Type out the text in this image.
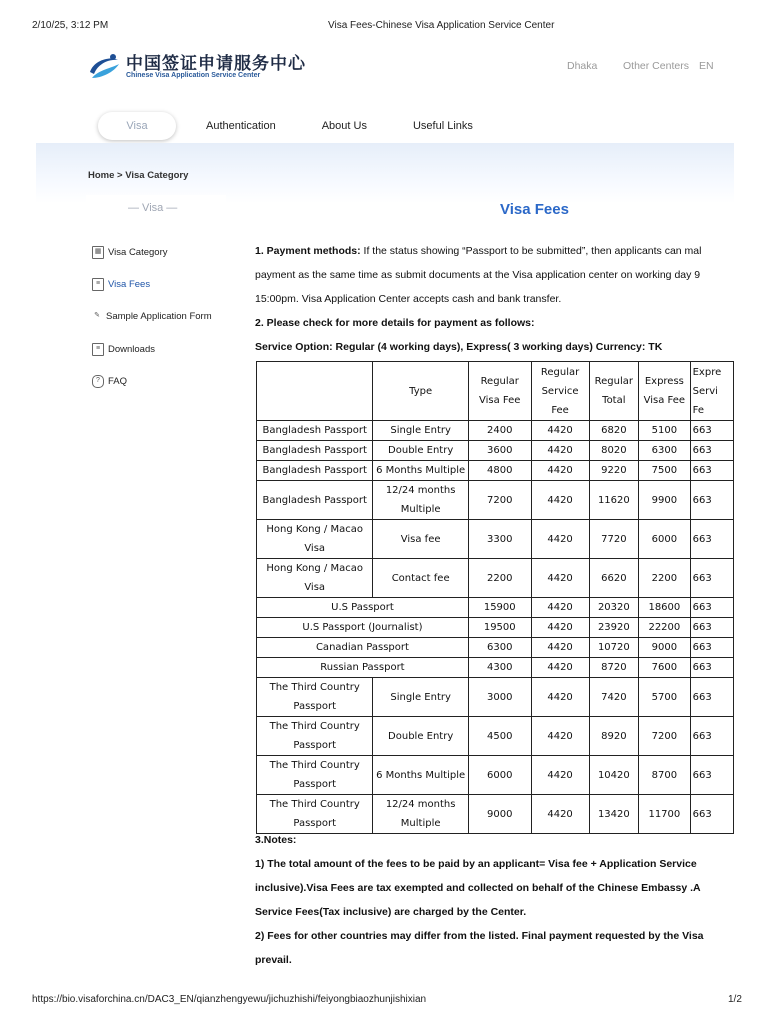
2/10/25, 3:12 PM	Visa Fees-Chinese Visa Application Service Center
中国签证申请服务中心
Chinese Visa Application Service Center
Dhaka Other Centers EN
Visa	Authentication	About Us	Useful Links
Home > Visa Category
— Visa —
▦ Visa Category
≡ Visa Fees
✎ Sample Application Form
≡ Downloads
? FAQ
Visa Fees
1. Payment methods: If the status showing “Passport to be submitted”, then applicants can mal
payment as the same time as submit documents at the Visa application center on working day 9
15:00pm. Visa Application Center accepts cash and bank transfer.
2. Please check for more details for payment as follows:
Service Option: Regular (4 working days), Express( 3 working days) Currency: TK
	Type	Regular Visa Fee	Regular Service Fee	Regular Total	Express Visa Fee	Expre Servi Fe
Bangladesh Passport	Single Entry	2400	4420	6820	5100	663
Bangladesh Passport	Double Entry	3600	4420	8020	6300	663
Bangladesh Passport	6 Months Multiple	4800	4420	9220	7500	663
Bangladesh Passport	12/24 months Multiple	7200	4420	11620	9900	663
Hong Kong / Macao Visa	Visa fee	3300	4420	7720	6000	663
Hong Kong / Macao Visa	Contact fee	2200	4420	6620	2200	663
U.S Passport		15900	4420	20320	18600	663
U.S Passport (Journalist)		19500	4420	23920	22200	663
Canadian Passport		6300	4420	10720	9000	663
Russian Passport		4300	4420	8720	7600	663
The Third Country Passport	Single Entry	3000	4420	7420	5700	663
The Third Country Passport	Double Entry	4500	4420	8920	7200	663
The Third Country Passport	6 Months Multiple	6000	4420	10420	8700	663
The Third Country Passport	12/24 months Multiple	9000	4420	13420	11700	663
3.Notes:
1) The total amount of the fees to be paid by an applicant= Visa fee + Application Service
inclusive).Visa Fees are tax exempted and collected on behalf of the Chinese Embassy .A
Service Fees(Tax inclusive) are charged by the Center.
2) Fees for other countries may differ from the listed. Final payment requested by the Visa
prevail.
https://bio.visaforchina.cn/DAC3_EN/qianzhengyewu/jichuzhishi/feiyongbiaozhunjishixian	1/2
